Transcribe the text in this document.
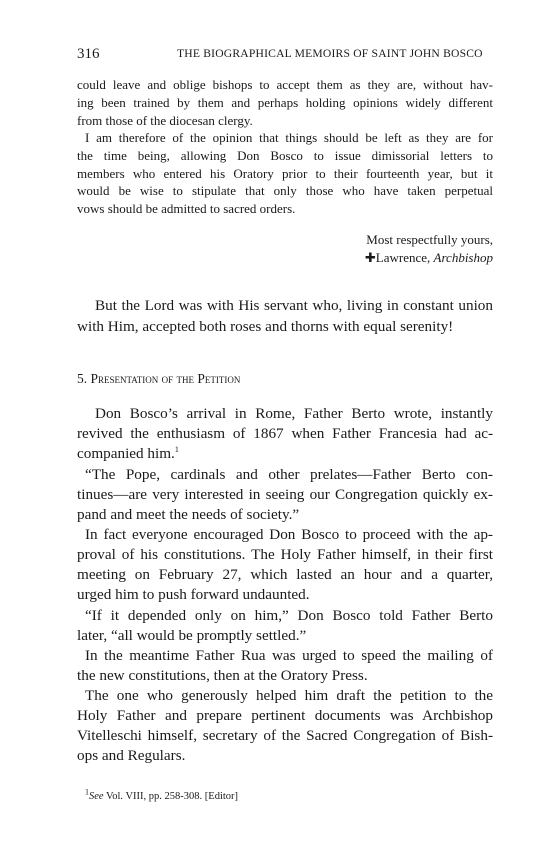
316	THE BIOGRAPHICAL MEMOIRS OF SAINT JOHN BOSCO
could leave and oblige bishops to accept them as they are, without hav-
ing been trained by them and perhaps holding opinions widely different
from those of the diocesan clergy.
I am therefore of the opinion that things should be left as they are for
the time being, allowing Don Bosco to issue dimissorial letters to
members who entered his Oratory prior to their fourteenth year, but it
would be wise to stipulate that only those who have taken perpetual
vows should be admitted to sacred orders.
Most respectfully yours,
✚Lawrence, Archbishop
But the Lord was with His servant who, living in constant union
with Him, accepted both roses and thorns with equal serenity!
5. Presentation of the Petition
Don Bosco’s arrival in Rome, Father Berto wrote, instantly
revived the enthusiasm of 1867 when Father Francesia had ac-
companied him.$^1$
“The Pope, cardinals and other prelates—Father Berto con-
tinues—are very interested in seeing our Congregation quickly ex-
pand and meet the needs of society.”
In fact everyone encouraged Don Bosco to proceed with the ap-
proval of his constitutions. The Holy Father himself, in their first
meeting on February 27, which lasted an hour and a quarter,
urged him to push forward undaunted.
“If it depended only on him,” Don Bosco told Father Berto
later, “all would be promptly settled.”
In the meantime Father Rua was urged to speed the mailing of
the new constitutions, then at the Oratory Press.
The one who generously helped him draft the petition to the
Holy Father and prepare pertinent documents was Archbishop
Vitelleschi himself, secretary of the Sacred Congregation of Bish-
ops and Regulars.
$^1$See Vol. VIII, pp. 258-308. [Editor]
